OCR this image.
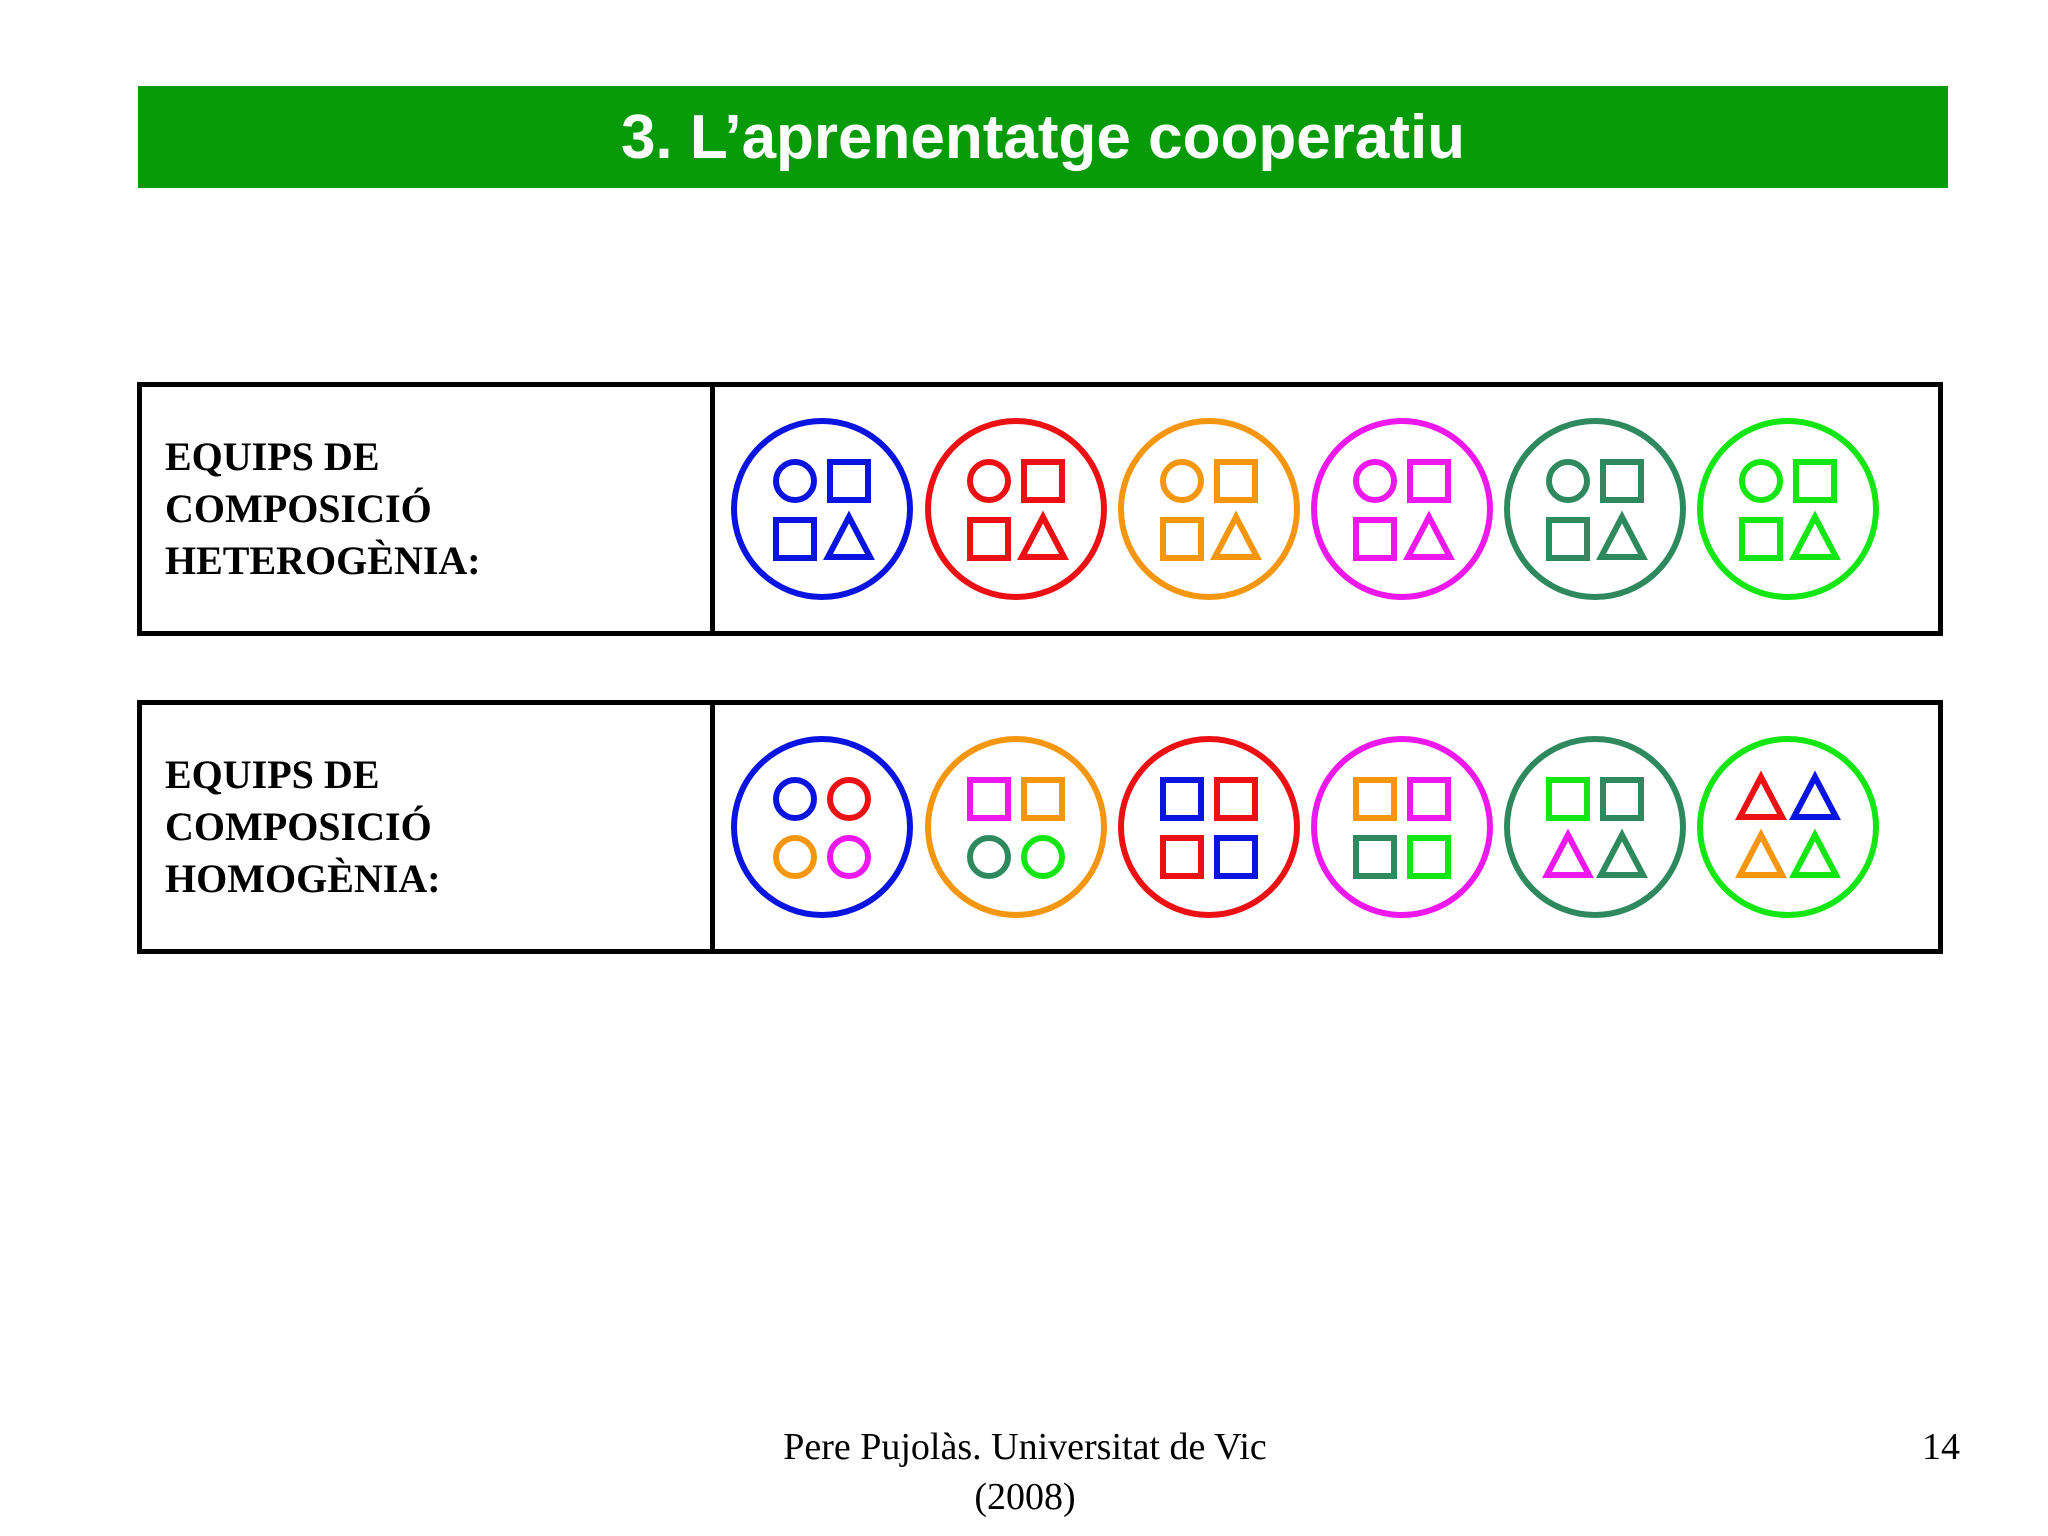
3. L’aprenentatge cooperatiu
EQUIPS DE
COMPOSICIÓ
HETEROGÈNIA:
EQUIPS DE
COMPOSICIÓ
HOMOGÈNIA:
Pere Pujolàs. Universitat de Vic
(2008)
14
